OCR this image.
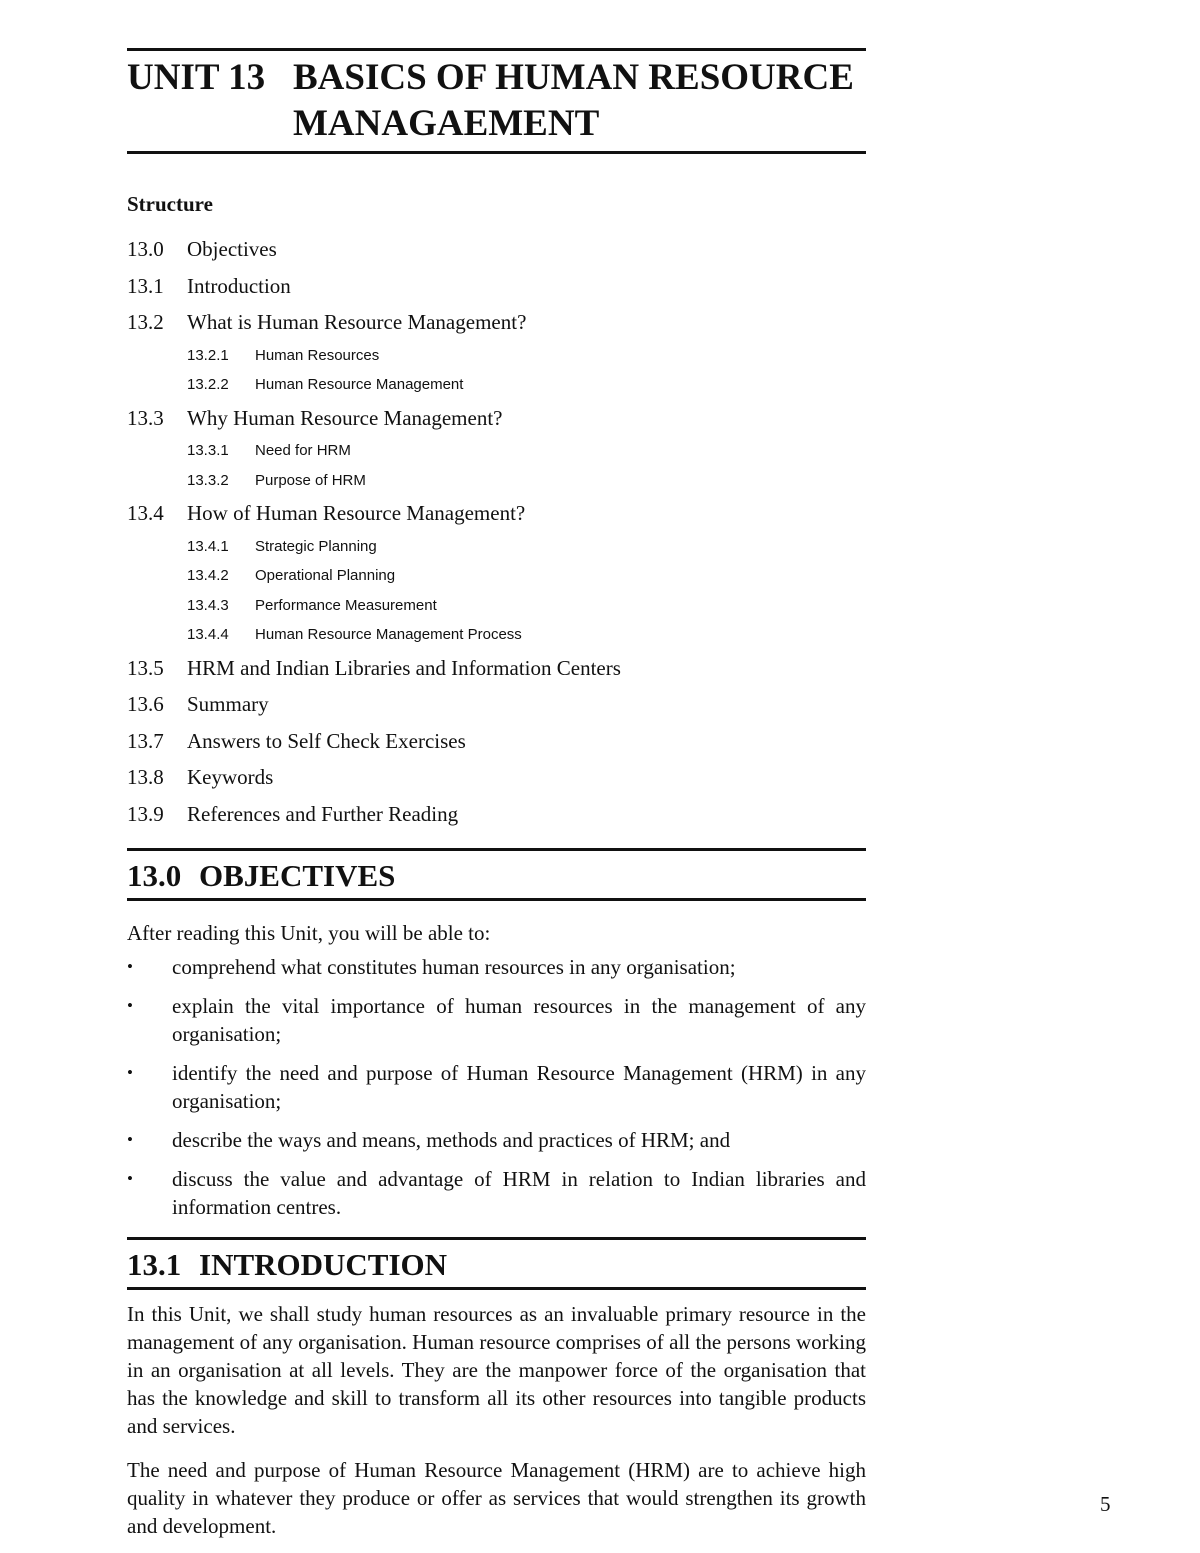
UNIT 13 BASICS OF HUMAN RESOURCE
MANAGAEMENT
Structure
13.0	Objectives
13.1	Introduction
13.2	What is Human Resource Management?
13.2.1	Human Resources
13.2.2	Human Resource Management
13.3	Why Human Resource Management?
13.3.1	Need for HRM
13.3.2	Purpose of HRM
13.4	How of Human Resource Management?
13.4.1	Strategic Planning
13.4.2	Operational Planning
13.4.3	Performance Measurement
13.4.4	Human Resource Management Process
13.5	HRM and Indian Libraries and Information Centers
13.6	Summary
13.7	Answers to Self Check Exercises
13.8	Keywords
13.9	References and Further Reading
13.0 OBJECTIVES

After reading this Unit, you will be able to:

•	comprehend what constitutes human resources in any organisation;
•	explain the vital importance of human resources in the management of any organisation;
•	identify the need and purpose of Human Resource Management (HRM) in any organisation;
•	describe the ways and means, methods and practices of HRM; and
•	discuss the value and advantage of HRM in relation to Indian libraries and information centres.
13.1 INTRODUCTION

In this Unit, we shall study human resources as an invaluable primary resource in the management of any organisation. Human resource comprises of all the persons working in an organisation at all levels. They are the manpower force of the organisation that has the knowledge and skill to transform all its other resources into tangible products and services.

The need and purpose of Human Resource Management (HRM) are to achieve high quality in whatever they produce or offer as services that would strengthen its growth and development.

5
